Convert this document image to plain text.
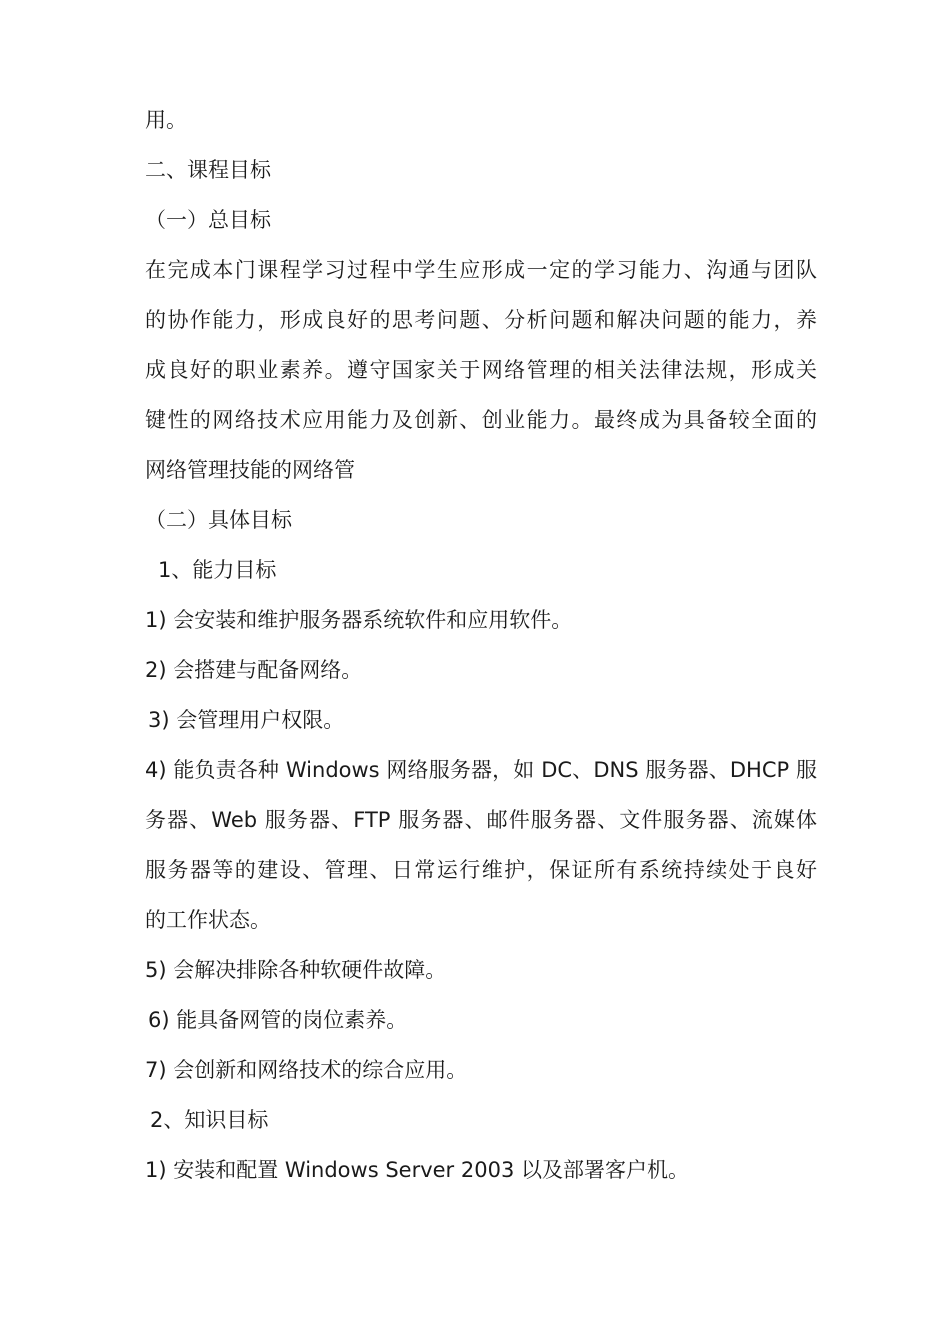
用。
二、课程目标
（一）总目标
在完成本门课程学习过程中学生应形成一定的学习能力、沟通与团队
的协作能力，形成良好的思考问题、分析问题和解决问题的能力，养
成良好的职业素养。遵守国家关于网络管理的相关法律法规，形成关
键性的网络技术应用能力及创新、创业能力。最终成为具备较全面的
网络管理技能的网络管
（二）具体目标
1、能力目标
1) 会安装和维护服务器系统软件和应用软件。
2) 会搭建与配备网络。
3) 会管理用户权限。
4) 能负责各种 Windows 网络服务器，如 DC、DNS 服务器、DHCP 服
务器、Web 服务器、FTP 服务器、邮件服务器、文件服务器、流媒体
服务器等的建设、管理、日常运行维护，保证所有系统持续处于良好
的工作状态。
5) 会解决排除各种软硬件故障。
6) 能具备网管的岗位素养。
7) 会创新和网络技术的综合应用。
2、知识目标
1) 安装和配置 Windows Server 2003 以及部署客户机。
